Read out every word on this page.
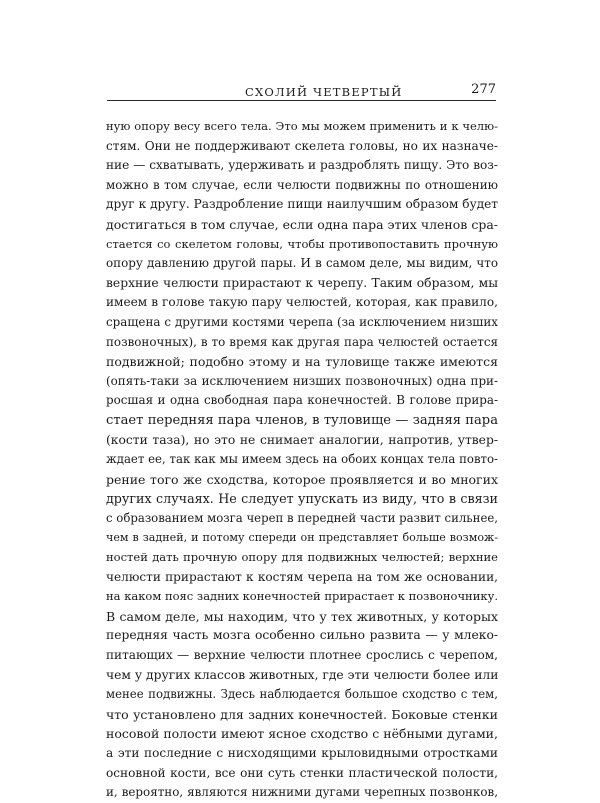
СХОЛИЙ ЧЕТВЕРТЫЙ	277
ную опору весу всего тела. Это мы можем применить и к челю-
стям. Они не поддерживают скелета головы, но их назначе-
ние — схватывать, удерживать и раздроблять пищу. Это воз-
можно в том случае, если челюсти подвижны по отношению
друг к другу. Раздробление пищи наилучшим образом будет
достигаться в том случае, если одна пара этих членов сра-
стается со скелетом головы, чтобы противопоставить прочную
опору давлению другой пары. И в самом деле, мы видим, что
верхние челюсти прирастают к черепу. Таким образом, мы
имеем в голове такую пару челюстей, которая, как правило,
сращена с другими костями черепа (за исключением низших
позвоночных), в то время как другая пара челюстей остается
подвижной; подобно этому и на туловище также имеются
(опять-таки за исключением низших позвоночных) одна при-
росшая и одна свободная пара конечностей. В голове прира-
стает передняя пара членов, в туловище — задняя пара
(кости таза), но это не снимает аналогии, напротив, утвер-
ждает ее, так как мы имеем здесь на обоих концах тела повто-
рение того же сходства, которое проявляется и во многих
других случаях. Не следует упускать из виду, что в связи
с образованием мозга череп в передней части развит сильнее,
чем в задней, и потому спереди он представляет больше возмож-
ностей дать прочную опору для подвижных челюстей; верхние
челюсти прирастают к костям черепа на том же основании,
на каком пояс задних конечностей прирастает к позвоночнику.
В самом деле, мы находим, что у тех животных, у которых
передняя часть мозга особенно сильно развита — у млеко-
питающих — верхние челюсти плотнее срослись с черепом,
чем у других классов животных, где эти челюсти более или
менее подвижны. Здесь наблюдается большое сходство с тем,
что установлено для задних конечностей. Боковые стенки
носовой полости имеют ясное сходство с нёбными дугами,
а эти последние с нисходящими крыловидными отростками
основной кости, все они суть стенки пластической полости,
и, вероятно, являются нижними дугами черепных позвонков,
